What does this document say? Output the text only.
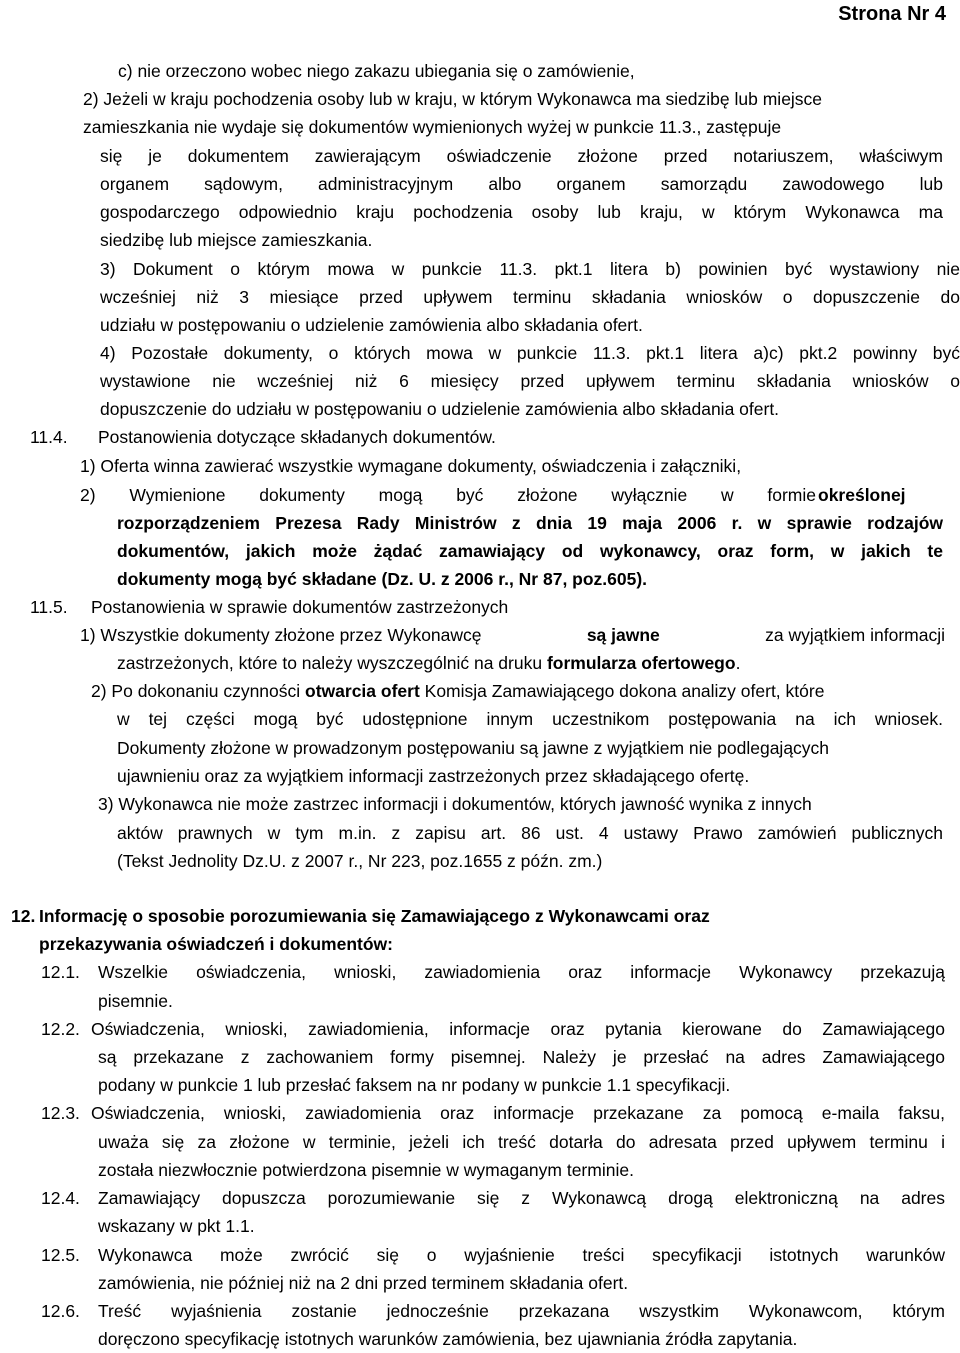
Strona Nr 4
c) nie orzeczono wobec niego zakazu ubiegania się o zamówienie,
2) Jeżeli w kraju pochodzenia osoby lub w kraju, w którym Wykonawca ma siedzibę lub miejsce
zamieszkania nie wydaje się dokumentów wymienionych wyżej w punkcie 11.3., zastępuje
się je dokumentem zawierającym oświadczenie złożone przed notariuszem, właściwym
organem sądowym, administracyjnym albo organem samorządu zawodowego lub
gospodarczego odpowiednio kraju pochodzenia osoby lub kraju, w którym Wykonawca ma
siedzibę lub miejsce zamieszkania.
3) Dokument o którym mowa w punkcie 11.3. pkt.1 litera b) powinien być wystawiony nie
wcześniej niż 3 miesiące przed upływem terminu składania wniosków o dopuszczenie do
udziału w postępowaniu o udzielenie zamówienia albo składania ofert.
4) Pozostałe dokumenty, o których mowa w punkcie 11.3. pkt.1 litera a)c) pkt.2 powinny być
wystawione nie wcześniej niż 6 miesięcy przed upływem terminu składania wniosków o
dopuszczenie do udziału w postępowaniu o udzielenie zamówienia albo składania ofert.
11.4. Postanowienia dotyczące składanych dokumentów.
1) Oferta winna zawierać wszystkie wymagane dokumenty, oświadczenia i załączniki,
2) Wymienione dokumenty mogą być złożone wyłącznie w formie określonej
rozporządzeniem Prezesa Rady Ministrów z dnia 19 maja 2006 r. w sprawie rodzajów
dokumentów, jakich może żądać zamawiający od wykonawcy, oraz form, w jakich te
dokumenty mogą być składane (Dz. U. z 2006 r., Nr 87, poz.605).
11.5. Postanowienia w sprawie dokumentów zastrzeżonych
1) Wszystkie dokumenty złożone przez Wykonawcę	są jawne	za wyjątkiem informacji
zastrzeżonych, które to należy wyszczególnić na druku formularza ofertowego.
2) Po dokonaniu czynności otwarcia ofert Komisja Zamawiającego dokona analizy ofert, które
w tej części mogą być udostępnione innym uczestnikom postępowania na ich wniosek.
Dokumenty złożone w prowadzonym postępowaniu są jawne z wyjątkiem nie podlegających
ujawnieniu oraz za wyjątkiem informacji zastrzeżonych przez składającego ofertę.
3) Wykonawca nie może zastrzec informacji i dokumentów, których jawność wynika z innych
aktów prawnych w tym m.in. z zapisu art. 86 ust. 4 ustawy Prawo zamówień publicznych
(Tekst Jednolity Dz.U. z 2007 r., Nr 223, poz.1655 z późn. zm.)
12. Informację o sposobie porozumiewania się Zamawiającego z Wykonawcami oraz
przekazywania oświadczeń i dokumentów:
12.1. Wszelkie oświadczenia, wnioski, zawiadomienia oraz informacje Wykonawcy przekazują
pisemnie.
12.2. Oświadczenia, wnioski, zawiadomienia, informacje oraz pytania kierowane do Zamawiającego
są przekazane z zachowaniem formy pisemnej. Należy je przesłać na adres Zamawiającego
podany w punkcie 1 lub przesłać faksem na nr podany w punkcie 1.1 specyfikacji.
12.3. Oświadczenia, wnioski, zawiadomienia oraz informacje przekazane za pomocą e-maila faksu,
uważa się za złożone w terminie, jeżeli ich treść dotarła do adresata przed upływem terminu i
została niezwłocznie potwierdzona pisemnie w wymaganym terminie.
12.4. Zamawiający dopuszcza porozumiewanie się z Wykonawcą drogą elektroniczną na adres
wskazany w pkt 1.1.
12.5. Wykonawca może zwrócić się o wyjaśnienie treści specyfikacji istotnych warunków
zamówienia, nie później niż na 2 dni przed terminem składania ofert.
12.6. Treść wyjaśnienia zostanie jednocześnie przekazana wszystkim Wykonawcom, którym
doręczono specyfikację istotnych warunków zamówienia, bez ujawniania źródła zapytania.
